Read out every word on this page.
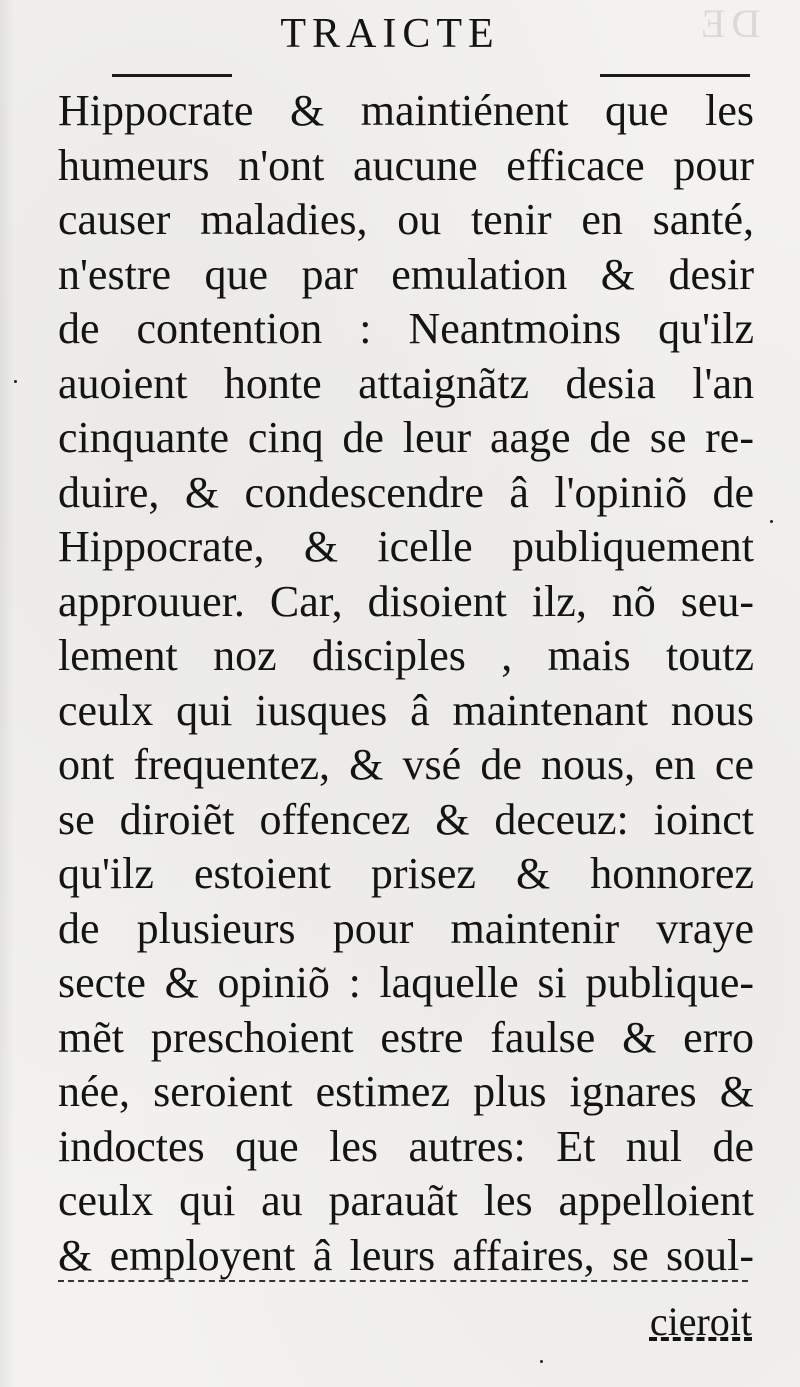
DE
TRAICTE
Hippocrate & maintiénent que les
humeurs n'ont aucune efficace pour
causer maladies, ou tenir en santé,
n'estre que par emulation & desir
de contention : Neantmoins qu'ilz
auoient honte attaignãtz desia l'an
cinquante cinq de leur aage de se re-
duire, & condescendre â l'opiniõ de
Hippocrate, & icelle publiquement
approuuer. Car, disoient ilz, nõ seu-
lement noz disciples , mais toutz
ceulx qui iusques â maintenant nous
ont frequentez, & vsé de nous, en ce
se diroiẽt offencez & deceuz: ioinct
qu'ilz estoient prisez & honnorez
de plusieurs pour maintenir vraye
secte & opiniõ : laquelle si publique-
mẽt preschoient estre faulse & erro
née, seroient estimez plus ignares &
indoctes que les autres: Et nul de
ceulx qui au parauãt les appelloient
& employent â leurs affaires, se soul-
cieroit
